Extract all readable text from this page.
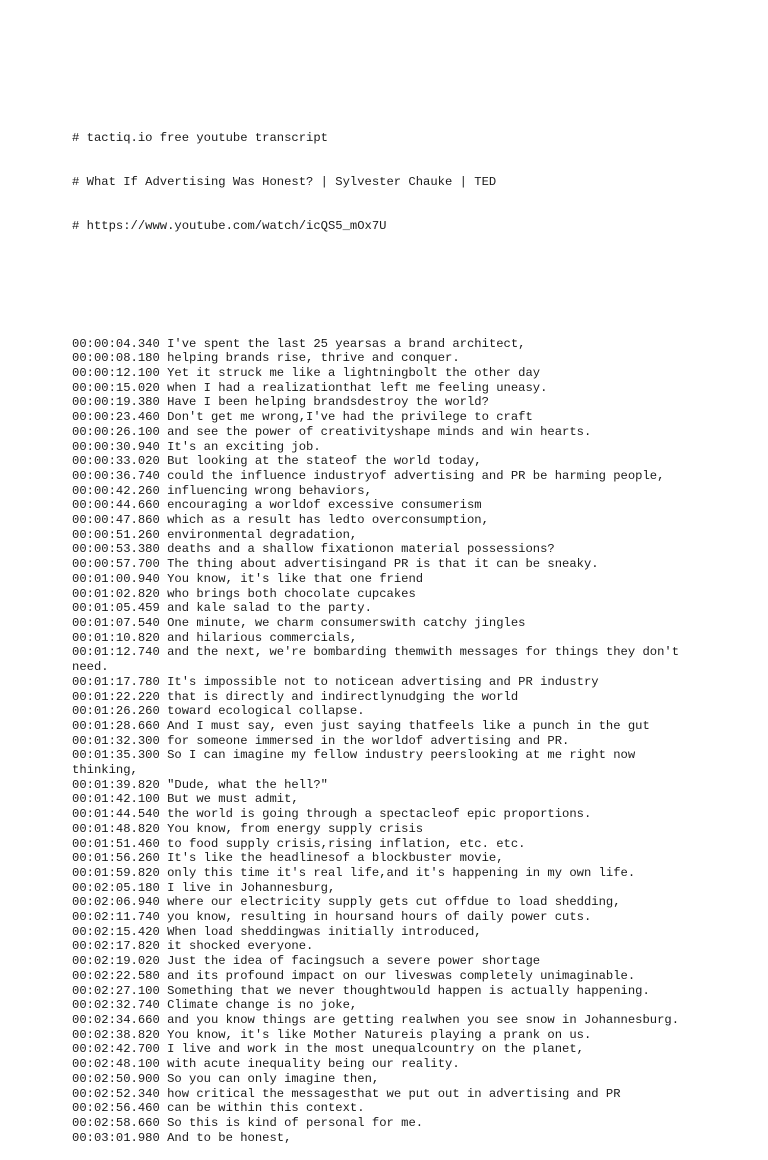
# tactiq.io free youtube transcript

# What If Advertising Was Honest? | Sylvester Chauke | TED

# https://www.youtube.com/watch/icQS5_mOx7U

00:00:04.340 I've spent the last 25 yearsas a brand architect,
00:00:08.180 helping brands rise, thrive and conquer.
00:00:12.100 Yet it struck me like a lightningbolt the other day
00:00:15.020 when I had a realizationthat left me feeling uneasy.
00:00:19.380 Have I been helping brandsdestroy the world?
00:00:23.460 Don't get me wrong,I've had the privilege to craft
00:00:26.100 and see the power of creativityshape minds and win hearts.
00:00:30.940 It's an exciting job.
00:00:33.020 But looking at the stateof the world today,
00:00:36.740 could the influence industryof advertising and PR be harming people,
00:00:42.260 influencing wrong behaviors,
00:00:44.660 encouraging a worldof excessive consumerism
00:00:47.860 which as a result has ledto overconsumption,
00:00:51.260 environmental degradation,
00:00:53.380 deaths and a shallow fixationon material possessions?
00:00:57.700 The thing about advertisingand PR is that it can be sneaky.
00:01:00.940 You know, it's like that one friend
00:01:02.820 who brings both chocolate cupcakes
00:01:05.459 and kale salad to the party.
00:01:07.540 One minute, we charm consumerswith catchy jingles
00:01:10.820 and hilarious commercials,
00:01:12.740 and the next, we're bombarding themwith messages for things they don't need.
00:01:17.780 It's impossible not to noticean advertising and PR industry
00:01:22.220 that is directly and indirectlynudging the world
00:01:26.260 toward ecological collapse.
00:01:28.660 And I must say, even just saying thatfeels like a punch in the gut
00:01:32.300 for someone immersed in the worldof advertising and PR.
00:01:35.300 So I can imagine my fellow industry peerslooking at me right now thinking,
00:01:39.820 "Dude, what the hell?"
00:01:42.100 But we must admit,
00:01:44.540 the world is going through a spectacleof epic proportions.
00:01:48.820 You know, from energy supply crisis
00:01:51.460 to food supply crisis,rising inflation, etc. etc.
00:01:56.260 It's like the headlinesof a blockbuster movie,
00:01:59.820 only this time it's real life,and it's happening in my own life.
00:02:05.180 I live in Johannesburg,
00:02:06.940 where our electricity supply gets cut offdue to load shedding,
00:02:11.740 you know, resulting in hoursand hours of daily power cuts.
00:02:15.420 When load sheddingwas initially introduced,
00:02:17.820 it shocked everyone.
00:02:19.020 Just the idea of facingsuch a severe power shortage
00:02:22.580 and its profound impact on our liveswas completely unimaginable.
00:02:27.100 Something that we never thoughtwould happen is actually happening.
00:02:32.740 Climate change is no joke,
00:02:34.660 and you know things are getting realwhen you see snow in Johannesburg.
00:02:38.820 You know, it's like Mother Natureis playing a prank on us.
00:02:42.700 I live and work in the most unequalcountry on the planet,
00:02:48.100 with acute inequality being our reality.
00:02:50.900 So you can only imagine then,
00:02:52.340 how critical the messagesthat we put out in advertising and PR
00:02:56.460 can be within this context.
00:02:58.660 So this is kind of personal for me.
00:03:01.980 And to be honest,
